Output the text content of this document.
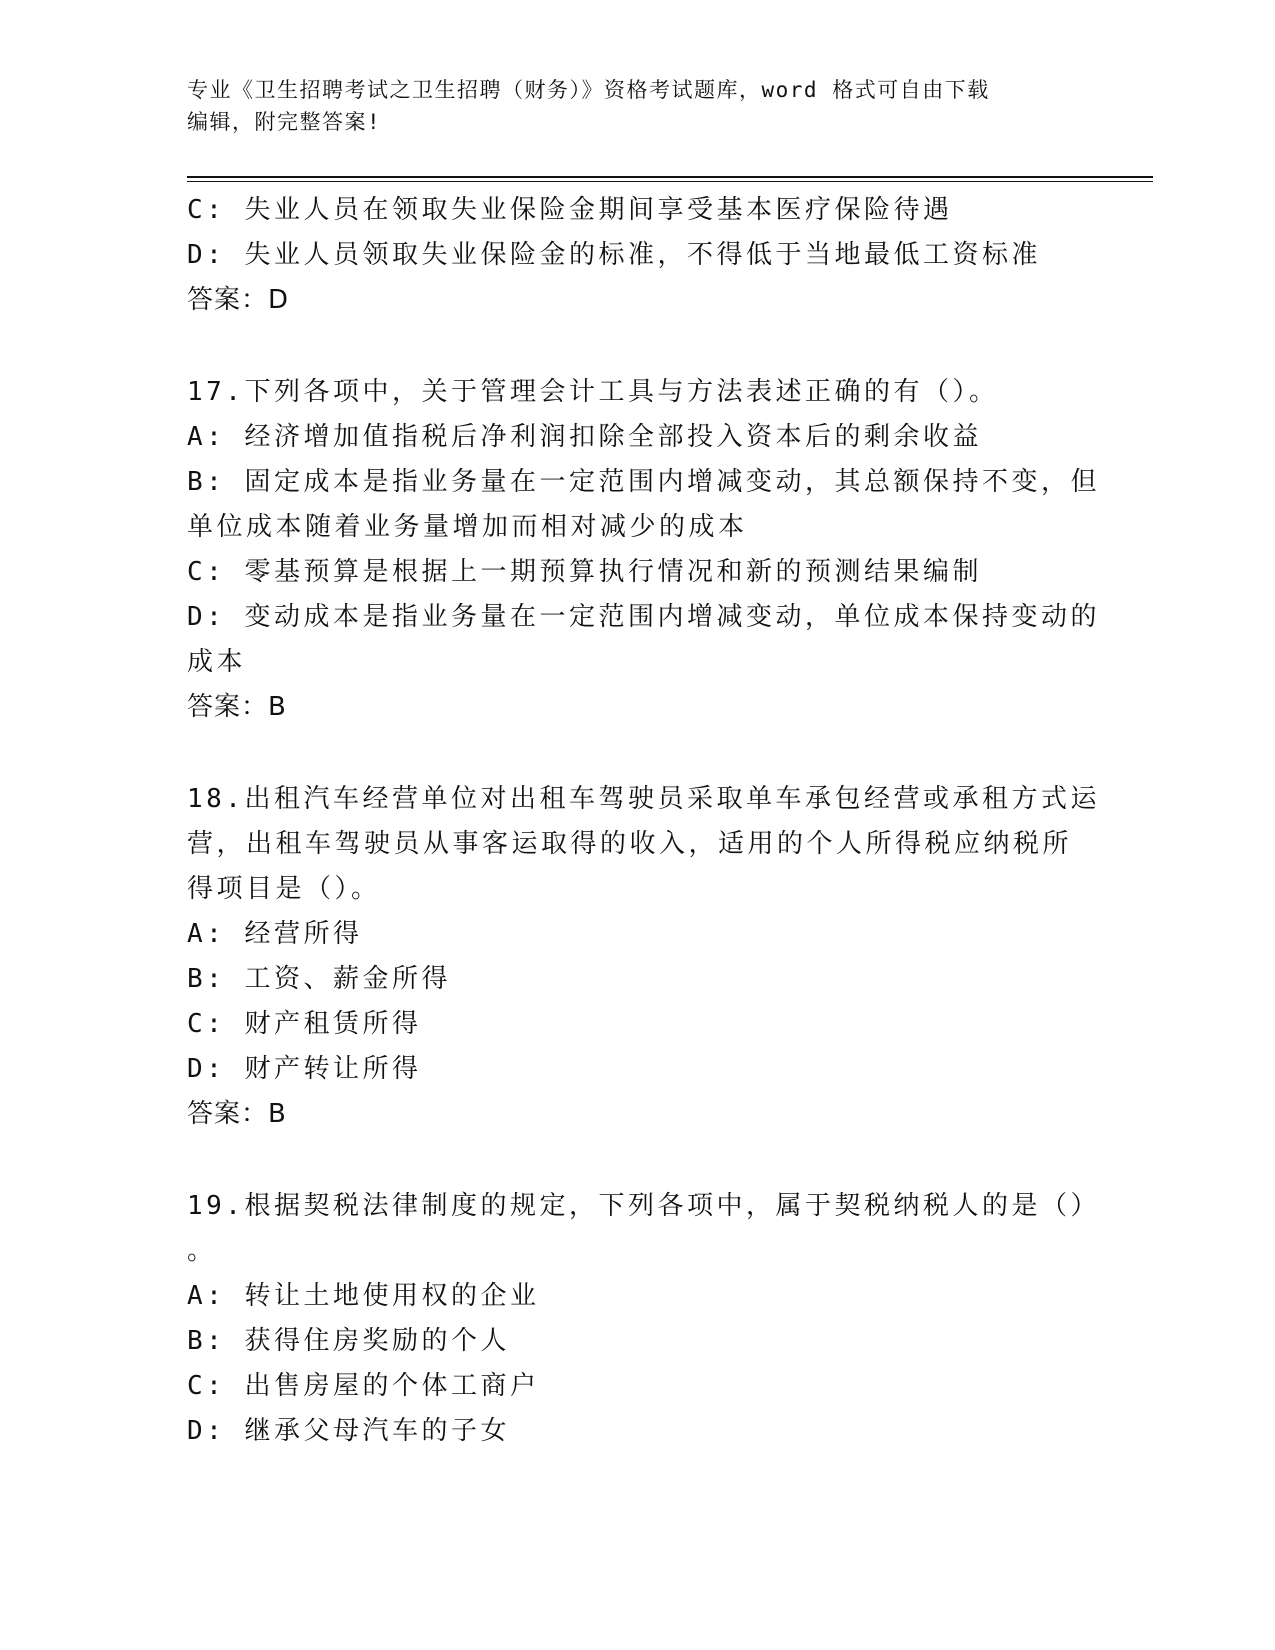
专业《卫生招聘考试之卫生招聘（财务）》资格考试题库，word 格式可自由下载
编辑，附完整答案!
C: 失业人员在领取失业保险金期间享受基本医疗保险待遇
D: 失业人员领取失业保险金的标准，不得低于当地最低工资标准
答案：D
17.下列各项中，关于管理会计工具与方法表述正确的有（）。
A: 经济增加值指税后净利润扣除全部投入资本后的剩余收益
B: 固定成本是指业务量在一定范围内增减变动，其总额保持不变，但
单位成本随着业务量增加而相对减少的成本
C: 零基预算是根据上一期预算执行情况和新的预测结果编制
D: 变动成本是指业务量在一定范围内增减变动，单位成本保持变动的
成本
答案：B
18.出租汽车经营单位对出租车驾驶员采取单车承包经营或承租方式运
营，出租车驾驶员从事客运取得的收入，适用的个人所得税应纳税所
得项目是（）。
A: 经营所得
B: 工资、薪金所得
C: 财产租赁所得
D: 财产转让所得
答案：B
19.根据契税法律制度的规定，下列各项中，属于契税纳税人的是（）
。
A: 转让土地使用权的企业
B: 获得住房奖励的个人
C: 出售房屋的个体工商户
D: 继承父母汽车的子女
